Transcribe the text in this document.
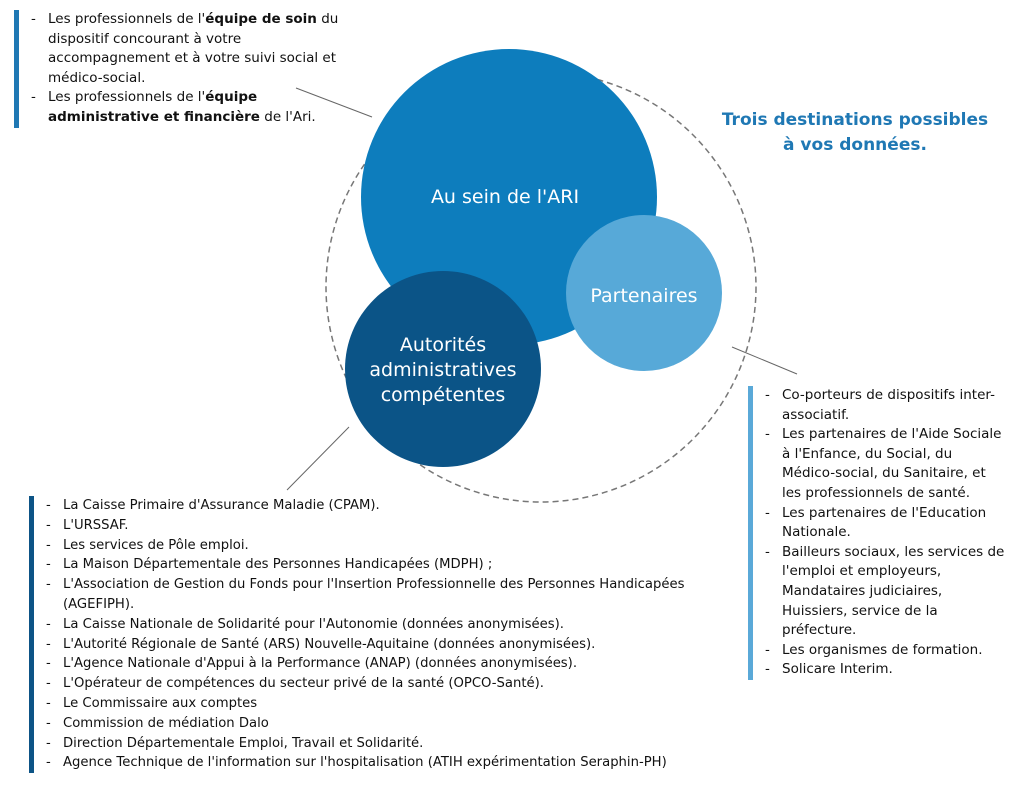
Au sein de l'ARI
Partenaires
Autorités administratives compétentes
Trois destinations possibles à vos données.
- Les professionnels de l'équipe de soin du dispositif concourant à votre accompagnement et à votre suivi social et médico-social.
- Les professionnels de l'équipe administrative et financière de l'Ari.
- Co-porteurs de dispositifs inter-associatif.
- Les partenaires de l'Aide Sociale à l'Enfance, du Social, du Médico-social, du Sanitaire, et les professionnels de santé.
- Les partenaires de l'Education Nationale.
- Bailleurs sociaux, les services de l'emploi et employeurs, Mandataires judiciaires, Huissiers, service de la préfecture.
- Les organismes de formation.
- Solicare Interim.
- La Caisse Primaire d'Assurance Maladie (CPAM).
- L'URSSAF.
- Les services de Pôle emploi.
- La Maison Départementale des Personnes Handicapées (MDPH) ;
- L'Association de Gestion du Fonds pour l'Insertion Professionnelle des Personnes Handicapées (AGEFIPH).
- La Caisse Nationale de Solidarité pour l'Autonomie (données anonymisées).
- L'Autorité Régionale de Santé (ARS) Nouvelle-Aquitaine (données anonymisées).
- L'Agence Nationale d'Appui à la Performance (ANAP) (données anonymisées).
- L'Opérateur de compétences du secteur privé de la santé (OPCO-Santé).
- Le Commissaire aux comptes
- Commission de médiation Dalo
- Direction Départementale Emploi, Travail et Solidarité.
- Agence Technique de l'information sur l'hospitalisation (ATIH expérimentation Seraphin-PH)
